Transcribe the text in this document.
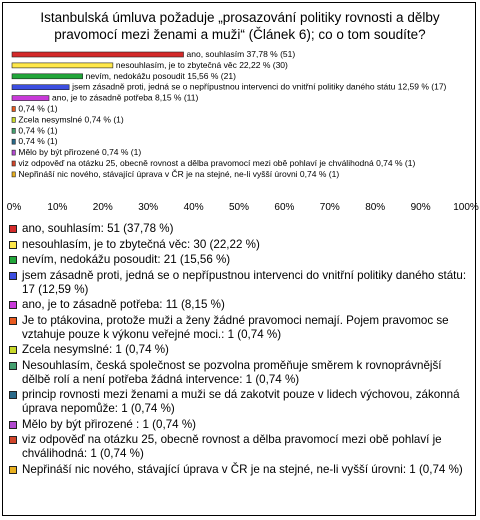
Istanbulská úmluva požaduje „prosazování politiky rovnosti a dělby pravomocí mezi ženami a muži“ (Článek 6); co o tom soudíte?
ano, souhlasím 37,78 % (51)
nesouhlasím, je to zbytečná věc 22,22 % (30)
nevím, nedokážu posoudit 15,56 % (21)
jsem zásadně proti, jedná se o nepřípustnou intervenci do vnitřní politiky daného státu 12,59 % (17)
ano, je to zásadně potřeba 8,15 % (11)
0,74 % (1)
Zcela nesymslné 0,74 % (1)
0,74 % (1)
0,74 % (1)
Mělo by být přirozené 0,74 % (1)
viz odpověď na otázku 25, obecně rovnost a dělba pravomocí mezi obě pohlaví je chválihodná 0,74 % (1)
Nepřináší nic nového, stávající úprava v ČR je na stejné, ne-li vyšší úrovni 0,74 % (1)
0%	10%	20%	30%	40%	50%	60%	70%	80%	90% 100%
ano, souhlasím: 51 (37,78 %)
nesouhlasím, je to zbytečná věc: 30 (22,22 %)
nevím, nedokážu posoudit: 21 (15,56 %)
jsem zásadně proti, jedná se o nepřípustnou intervenci do vnitřní politiky daného státu: 17 (12,59 %)
ano, je to zásadně potřeba: 11 (8,15 %)
Je to ptákovina, protože muži a ženy žádné pravomoci nemají. Pojem pravomoc se vztahuje pouze k výkonu veřejné moci.: 1 (0,74 %)
Zcela nesymslné: 1 (0,74 %)
Nesouhlasím, česká společnost se pozvolna proměňuje směrem k rovnoprávnější dělbě rolí a není potřeba žádná intervence: 1 (0,74 %)
princip rovnosti mezi ženami a muži se dá zakotvit pouze v lidech výchovou, zákonná úprava nepomůže: 1 (0,74 %)
Mělo by být přirozené : 1 (0,74 %)
viz odpověď na otázku 25, obecně rovnost a dělba pravomocí mezi obě pohlaví je chválihodná: 1 (0,74 %)
Nepřináší nic nového, stávající úprava v ČR je na stejné, ne-li vyšší úrovni: 1 (0,74 %)
